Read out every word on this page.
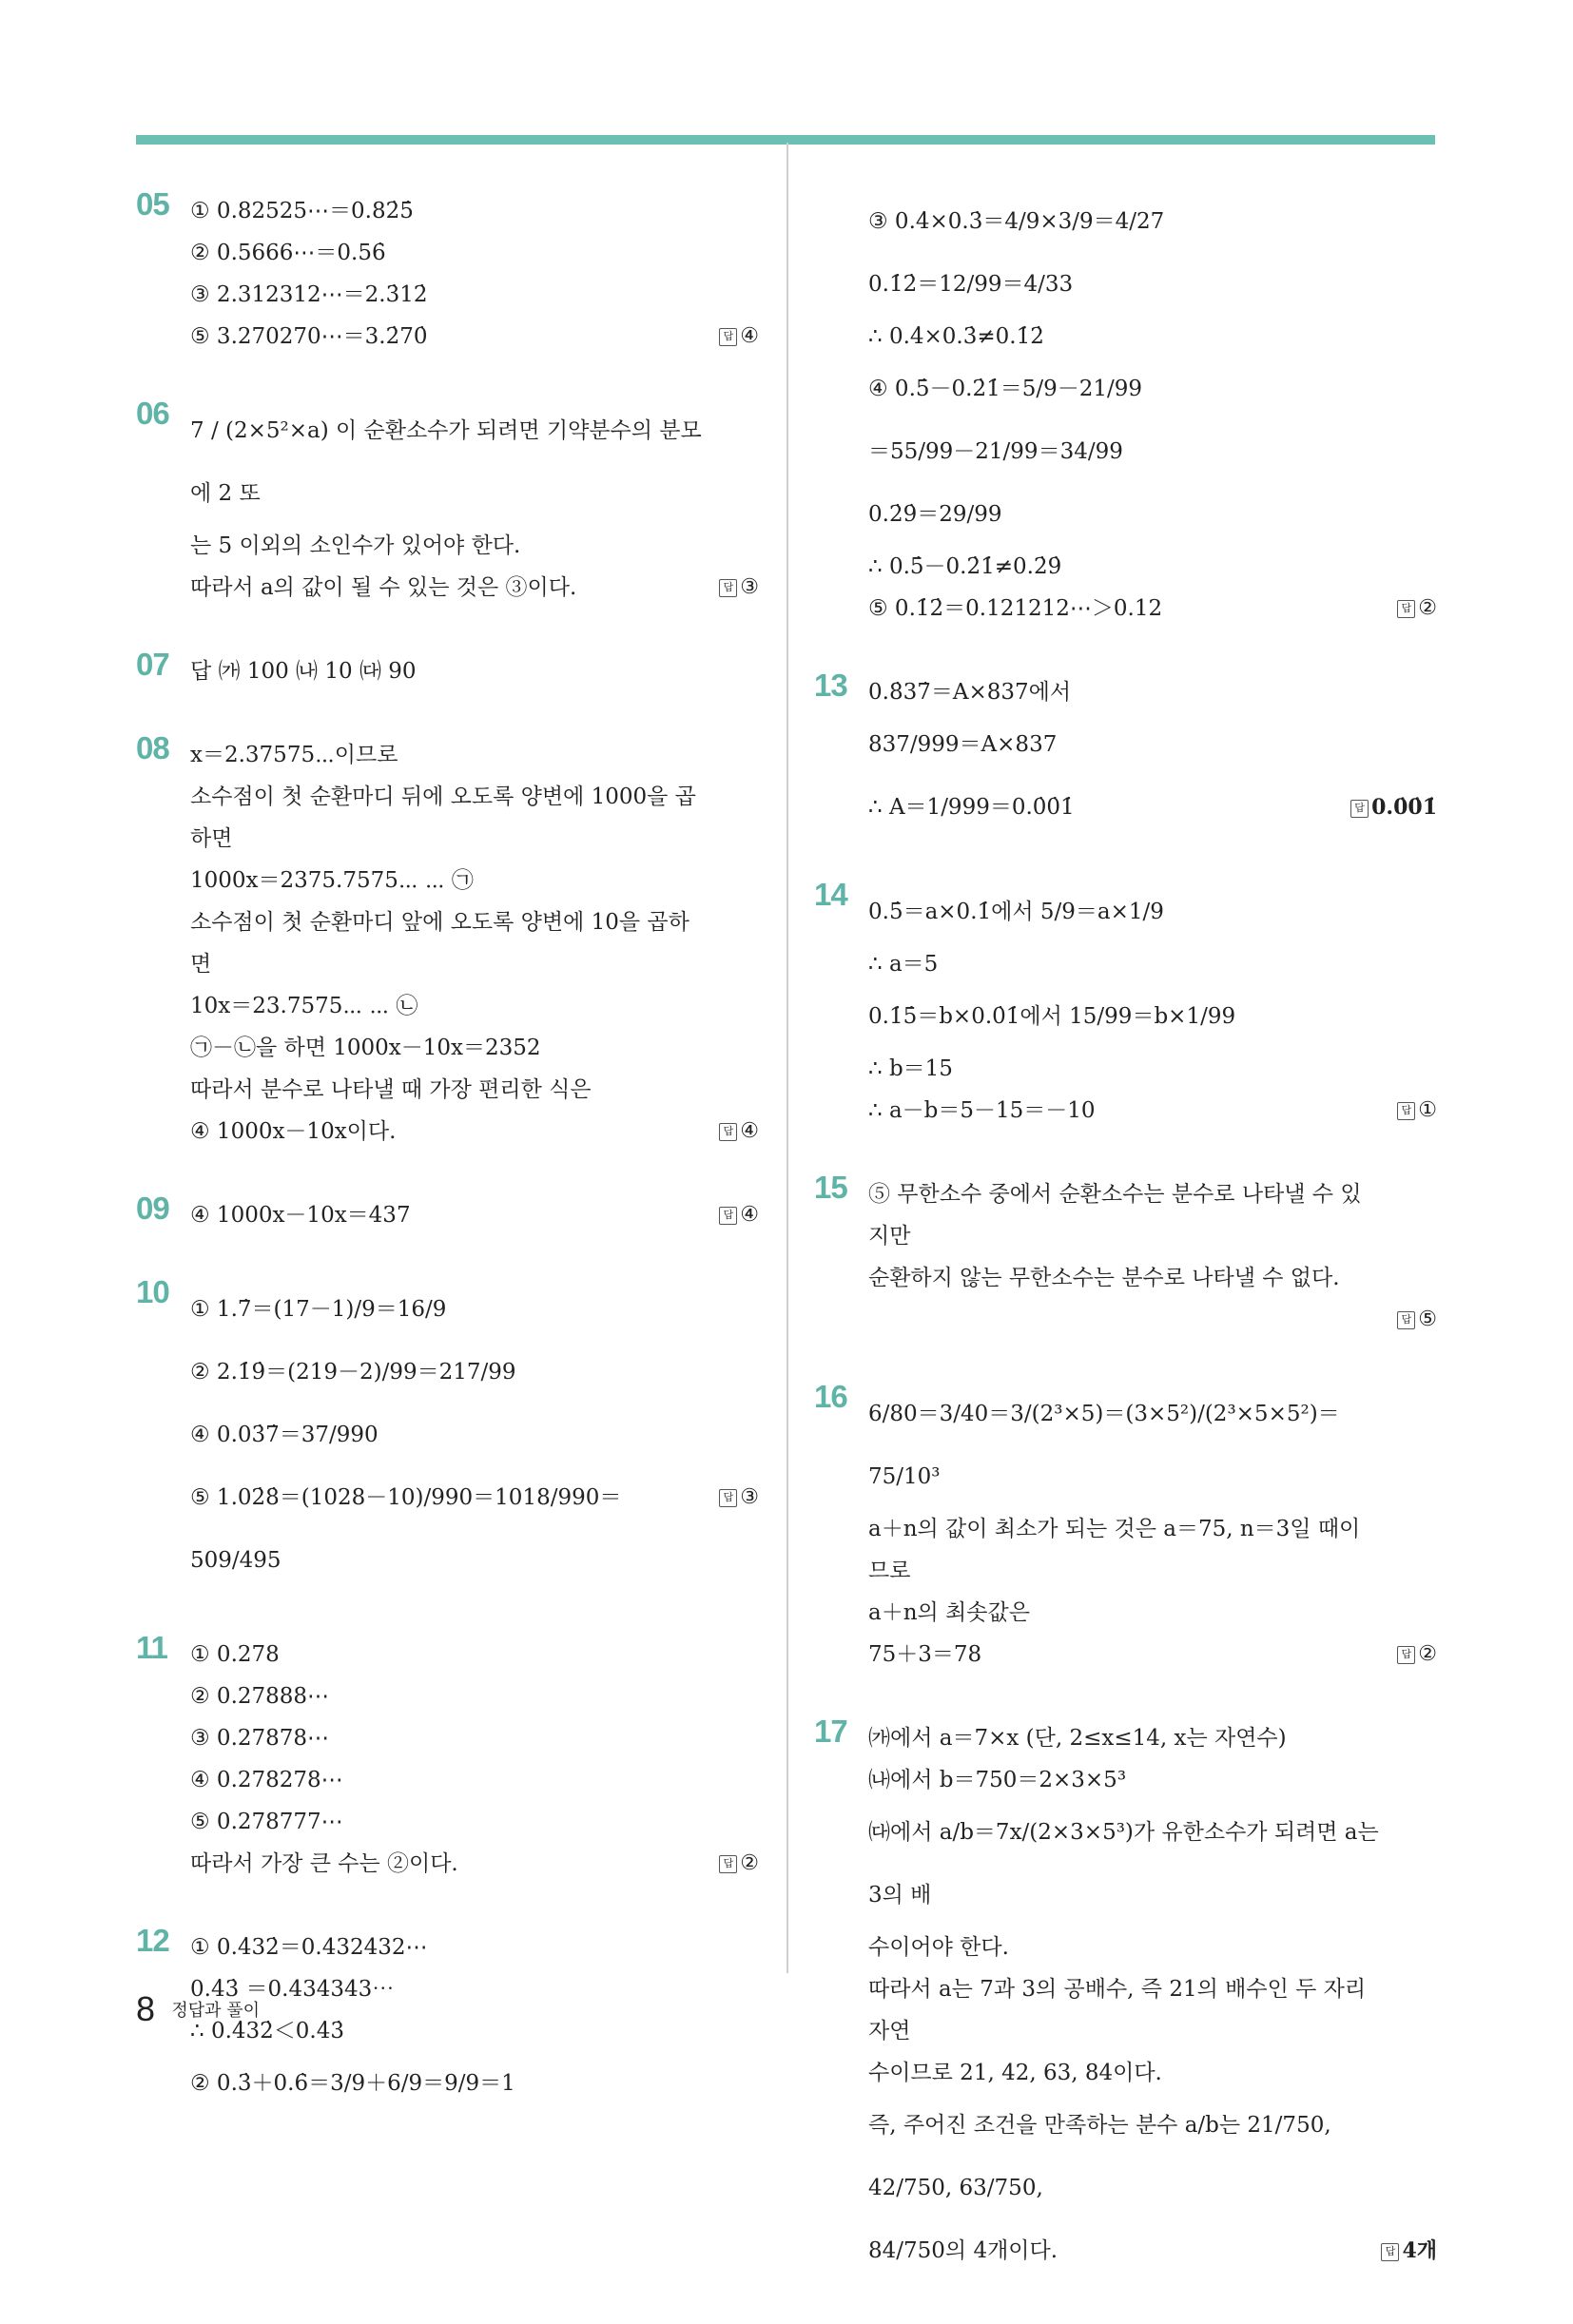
05 ① 0.82525⋯＝0.82̇5̇
② 0.5666⋯＝0.56̇
③ 2.312312⋯＝2.3̇12̇
⑤ 3.270270⋯＝3.2̇70̇	답 ④
06 7 / (2×5²×a) 이 순환소수가 되려면 기약분수의 분모에 2 또
는 5 이외의 소인수가 있어야 한다.
따라서 a의 값이 될 수 있는 것은 ③이다.	답 ③
07 답 ㈎ 100 ㈏ 10 ㈐ 90
08 x＝2.37575⋯이므로
소수점이 첫 순환마디 뒤에 오도록 양변에 1000을 곱하면
1000x＝2375.7575⋯ ⋯ ㉠
소수점이 첫 순환마디 앞에 오도록 양변에 10을 곱하면
10x＝23.7575⋯ ⋯ ㉡
㉠－㉡을 하면 1000x－10x＝2352
따라서 분수로 나타낼 때 가장 편리한 식은
④ 1000x－10x이다.	답 ④
09 ④ 1000x－10x＝437	답 ④
10 ① 1.7̇＝(17－1)/9＝16/9
② 2.1̇9̇＝(219－2)/99＝217/99
④ 0.03̇7̇＝37/990
⑤ 1.02̇8̇＝(1028－10)/990＝1018/990＝509/495
답 ③
11 ① 0.278
② 0.27888⋯
③ 0.27878⋯
④ 0.278278⋯
⑤ 0.278777⋯
따라서 가장 큰 수는 ②이다.	답 ②
12 ① 0.4̇32̇＝0.432432⋯
0.4̇3̇ ＝0.434343⋯
∴ 0.4̇32̇＜0.4̇3̇
② 0.3̇＋0.6̇＝3/9＋6/9＝9/9＝1
③ 0.4̇×0.3̇＝4/9×3/9＝4/27
0.1̇2̇＝12/99＝4/33
∴ 0.4̇×0.3̇≠0.1̇2̇
④ 0.5̇－0.2̇1̇＝5/9－21/99
＝55/99－21/99＝34/99
0.2̇9̇＝29/99
∴ 0.5̇－0.2̇1̇≠0.2̇9̇
⑤ 0.1̇2̇＝0.121212⋯＞0.12	답 ②
13 0.8̇37̇＝A×837에서
837/999＝A×837
∴ A＝1/999＝0.0̇0̇1̇	답 0.0̇0̇1̇
14 0.5̇＝a×0.1̇에서 5/9＝a×1/9
∴ a＝5
0.1̇5̇＝b×0.0̇1̇에서 15/99＝b×1/99
∴ b＝15
∴ a－b＝5－15＝－10	답 ①
15 ⑤ 무한소수 중에서 순환소수는 분수로 나타낼 수 있지만
순환하지 않는 무한소수는 분수로 나타낼 수 없다.
답 ⑤
16 6/80＝3/40＝3/(2³×5)＝(3×5²)/(2³×5×5²)＝75/10³
a＋n의 값이 최소가 되는 것은 a＝75, n＝3일 때이므로
a＋n의 최솟값은
75＋3＝78	답 ②
17 ㈎에서 a＝7×x (단, 2≤x≤14, x는 자연수)
㈏에서 b＝750＝2×3×5³
㈐에서 a/b＝7x/(2×3×5³)가 유한소수가 되려면 a는 3의 배
수이어야 한다.
따라서 a는 7과 3의 공배수, 즉 21의 배수인 두 자리 자연
수이므로 21, 42, 63, 84이다.
즉, 주어진 조건을 만족하는 분수 a/b는 21/750, 42/750, 63/750,
84/750의 4개이다.	답 4개
8 정답과 풀이
